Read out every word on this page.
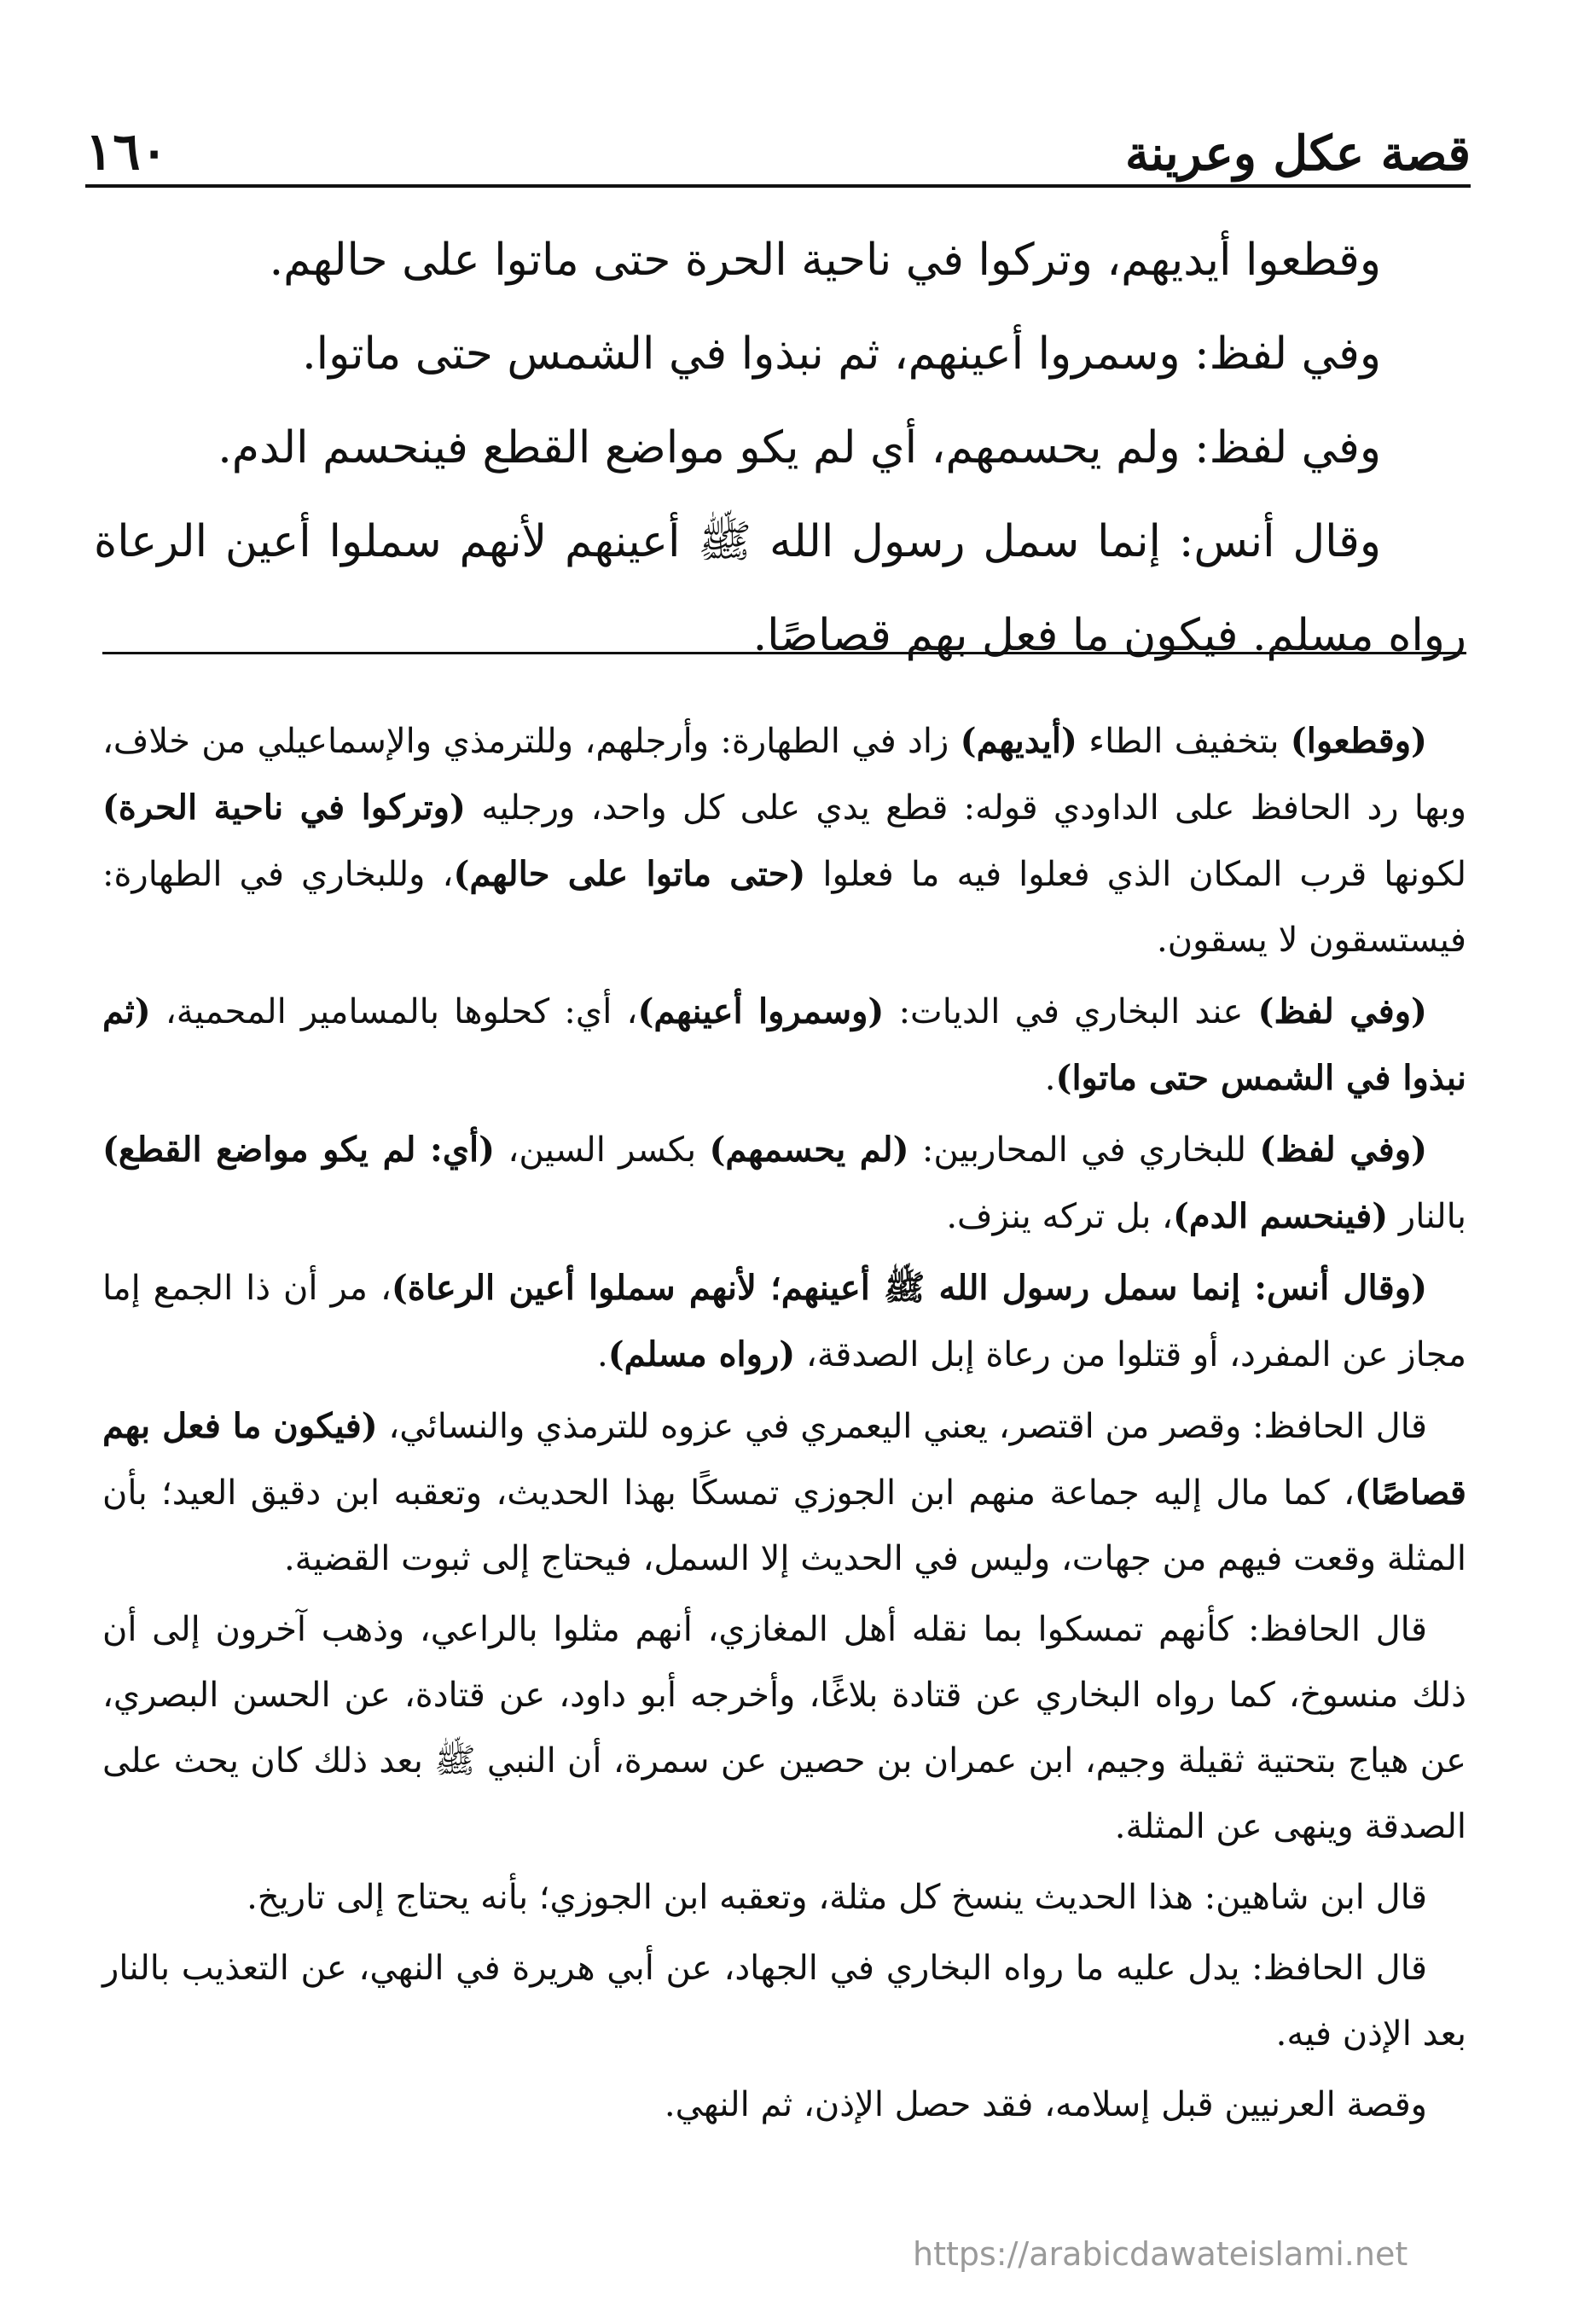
قصة عكل وعرينة
١٦٠

وقطعوا أيديهم، وتركوا في ناحية الحرة حتى ماتوا على حالهم.

وفي لفظ: وسمروا أعينهم، ثم نبذوا في الشمس حتى ماتوا.

وفي لفظ: ولم يحسمهم، أي لم يكو مواضع القطع فينحسم الدم.

وقال أنس: إنما سمل رسول الله ﷺ أعينهم لأنهم سملوا أعين الرعاة رواه مسلم. فيكون ما فعل بهم قصاصًا.

(وقطعوا) بتخفيف الطاء (أيديهم) زاد في الطهارة: وأرجلهم، وللترمذي والإسماعيلي من خلاف، وبها رد الحافظ على الداودي قوله: قطع يدي على كل واحد، ورجليه (وتركوا في ناحية الحرة) لكونها قرب المكان الذي فعلوا فيه ما فعلوا (حتى ماتوا على حالهم)، وللبخاري في الطهارة: فيستسقون لا يسقون.

(وفي لفظ) عند البخاري في الديات: (وسمروا أعينهم)، أي: كحلوها بالمسامير المحمية، (ثم نبذوا في الشمس حتى ماتوا).

(وفي لفظ) للبخاري في المحاربين: (لم يحسمهم) بكسر السين، (أي: لم يكو مواضع القطع) بالنار (فينحسم الدم)، بل تركه ينزف.

(وقال أنس: إنما سمل رسول الله ﷺ أعينهم؛ لأنهم سملوا أعين الرعاة)، مر أن ذا الجمع إما مجاز عن المفرد، أو قتلوا من رعاة إبل الصدقة، (رواه مسلم).

قال الحافظ: وقصر من اقتصر، يعني اليعمري في عزوه للترمذي والنسائي، (فيكون ما فعل بهم قصاصًا)، كما مال إليه جماعة منهم ابن الجوزي تمسكًا بهذا الحديث، وتعقبه ابن دقيق العيد؛ بأن المثلة وقعت فيهم من جهات، وليس في الحديث إلا السمل، فيحتاج إلى ثبوت القضية.

قال الحافظ: كأنهم تمسكوا بما نقله أهل المغازي، أنهم مثلوا بالراعي، وذهب آخرون إلى أن ذلك منسوخ، كما رواه البخاري عن قتادة بلاغًا، وأخرجه أبو داود، عن قتادة، عن الحسن البصري، عن هياج بتحتية ثقيلة وجيم، ابن عمران بن حصين عن سمرة، أن النبي ﷺ بعد ذلك كان يحث على الصدقة وينهى عن المثلة.

قال ابن شاهين: هذا الحديث ينسخ كل مثلة، وتعقبه ابن الجوزي؛ بأنه يحتاج إلى تاريخ.

قال الحافظ: يدل عليه ما رواه البخاري في الجهاد، عن أبي هريرة في النهي، عن التعذيب بالنار بعد الإذن فيه.

وقصة العرنيين قبل إسلامه، فقد حصل الإذن، ثم النهي.

https://arabicdawateislami.net
